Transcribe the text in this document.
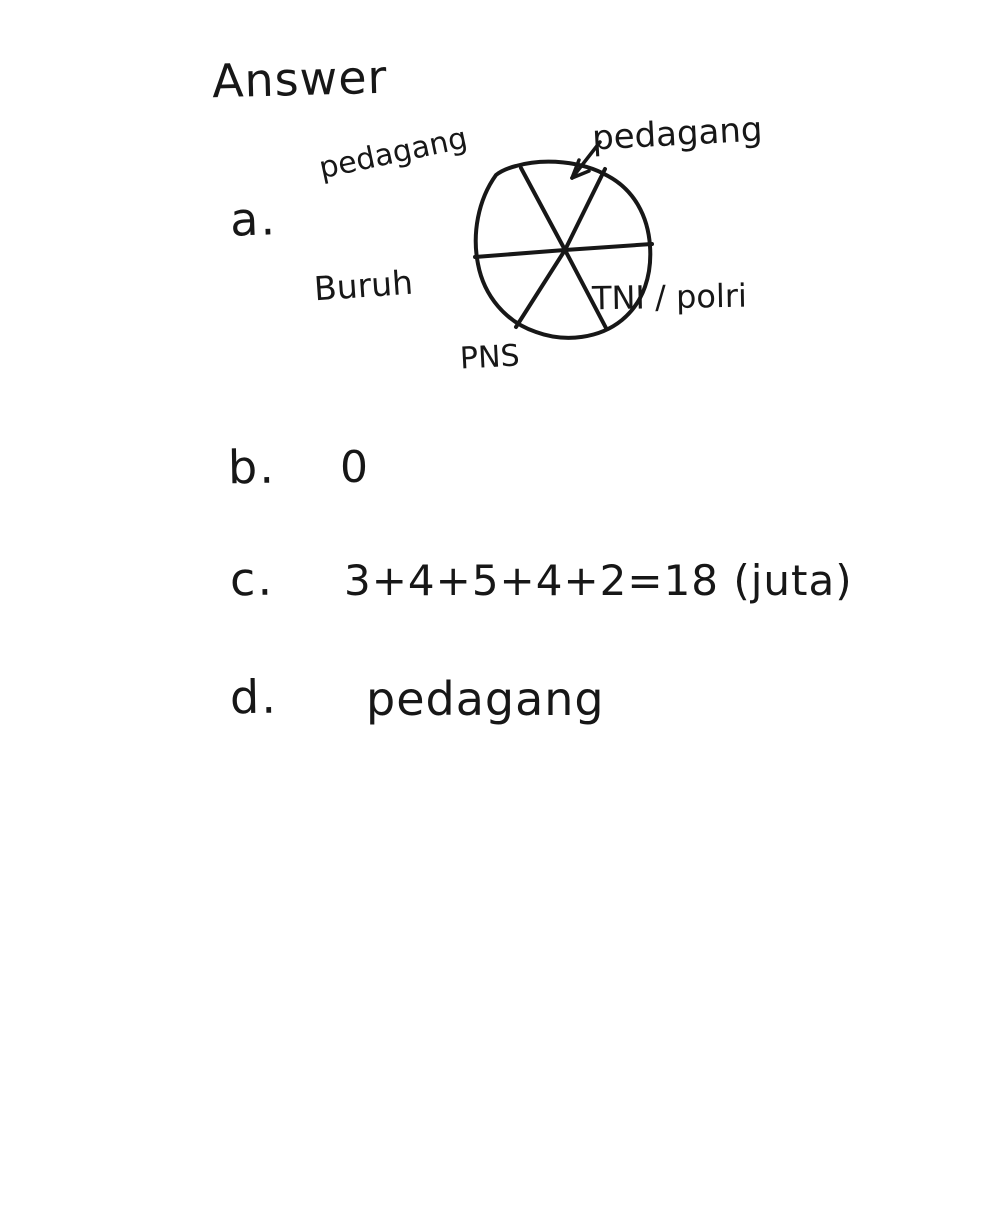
Answer
a.
pedagang	pedagang
TNI / polri
PNS
Buruh
b. 0
c. 3+4+5+4+2=18 (juta)
d. pedagang
